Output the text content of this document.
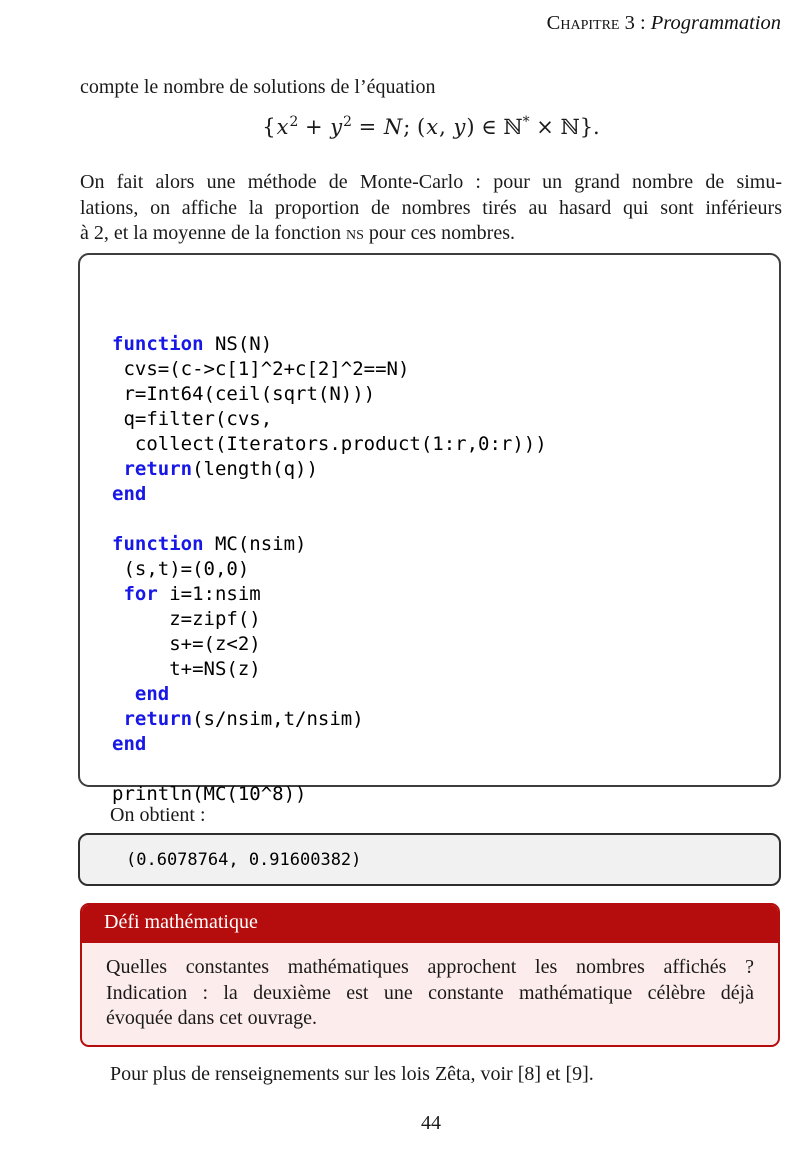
Chapitre 3 : Programmation
compte le nombre de solutions de l’équation
{$x^2 + y^2 = N$; (x, y) ∈ ℕ* × ℕ}.
On fait alors une méthode de Monte-Carlo : pour un grand nombre de simu-
lations, on affiche la proportion de nombres tirés au hasard qui sont inférieurs
à 2, et la moyenne de la fonction ns pour ces nombres.

function NS(N)
cvs=(c->c[1]^2+c[2]^2==N)
r=Int64(ceil(sqrt(N)))
q=filter(cvs,
collect(Iterators.product(1:r,0:r)))
return(length(q))
end

function MC(nsim)
(s,t)=(0,0)
for i=1:nsim
z=zipf()
s+=(z<2)
t+=NS(z)
end
return(s/nsim,t/nsim)
end

println(MC(10^8))

On obtient :
(0.6078764, 0.91600382)
Défi mathématique
Quelles constantes mathématiques approchent les nombres affichés ?
Indication : la deuxième est une constante mathématique célèbre déjà
évoquée dans cet ouvrage.
Pour plus de renseignements sur les lois Zêta, voir [8] et [9].
44
